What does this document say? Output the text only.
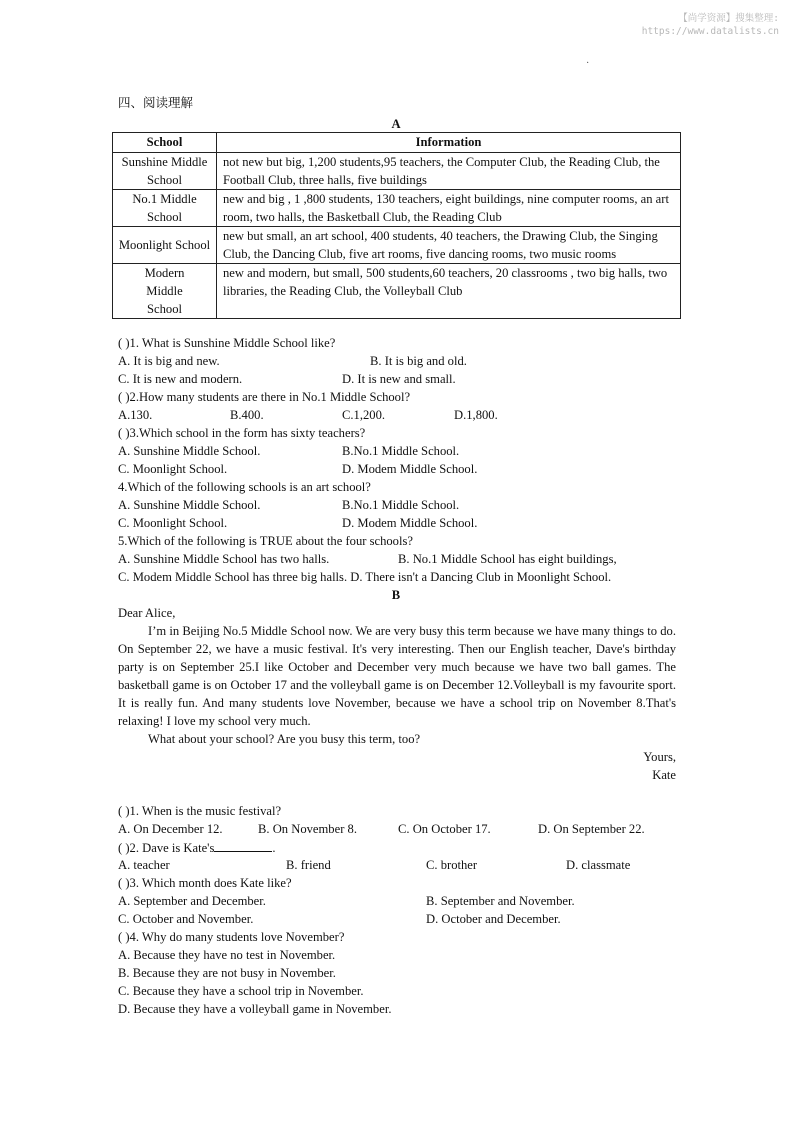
【尚学资源】搜集整理:
https://www.datalists.cn
·
四、阅读理解
A
School	Information
Sunshine Middle School	not new but big, 1,200 students,95 teachers, the Computer Club, the Reading Club, the Football Club, three halls, five buildings
No.1 Middle School	new and big , 1 ,800 students, 130 teachers, eight buildings, nine computer rooms, an art room, two halls, the Basketball Club, the Reading Club
Moonlight School	new but small, an art school, 400 students, 40 teachers, the Drawing Club, the Singing Club, the Dancing Club, five art rooms, five dancing rooms, two music rooms
Modern Middle School	new and modern, but small, 500 students,60 teachers, 20 classrooms , two big halls, two libraries, the Reading Club, the Volleyball Club
( )1. What is Sunshine Middle School like?
A. It is big and new.	B. It is big and old.
C. It is new and modern.	D. It is new and small.
( )2.How many students are there in No.1 Middle School?
A.130.	B.400.	C.1,200.	D.1,800.
( )3.Which school in the form has sixty teachers?
A. Sunshine Middle School.	B.No.1 Middle School.
C. Moonlight School.	D. Modem Middle School.
4.Which of the following schools is an art school?
A. Sunshine Middle School.	B.No.1 Middle School.
C. Moonlight School.	D. Modem Middle School.
5.Which of the following is TRUE about the four schools?
A. Sunshine Middle School has two halls.	B. No.1 Middle School has eight buildings,
C. Modem Middle School has three big halls. D. There isn't a Dancing Club in Moonlight School.
B
Dear Alice,

I’m in Beijing No.5 Middle School now. We are very busy this term because we have many things to do. On September 22, we have a music festival. It's very interesting. Then our English teacher, Dave's birthday party is on September 25.I like October and December very much because we have two ball games. The basketball game is on October 17 and the volleyball game is on December 12.Volleyball is my favourite sport. It is really fun. And many students love November, because we have a school trip on November 8.That's relaxing! I love my school very much.

What about your school? Are you busy this term, too?

Yours,
Kate
( )1. When is the music festival?
A. On December 12.	B. On November 8.	C. On October 17.	D. On September 22.
( )2. Dave is Kate's	.
A. teacher	B. friend	C. brother	D. classmate
( )3. Which month does Kate like?
A. September and December.	B. September and November.
C. October and November.	D. October and December.
( )4. Why do many students love November?
A. Because they have no test in November.
B. Because they are not busy in November.
C. Because they have a school trip in November.
D. Because they have a volleyball game in November.
